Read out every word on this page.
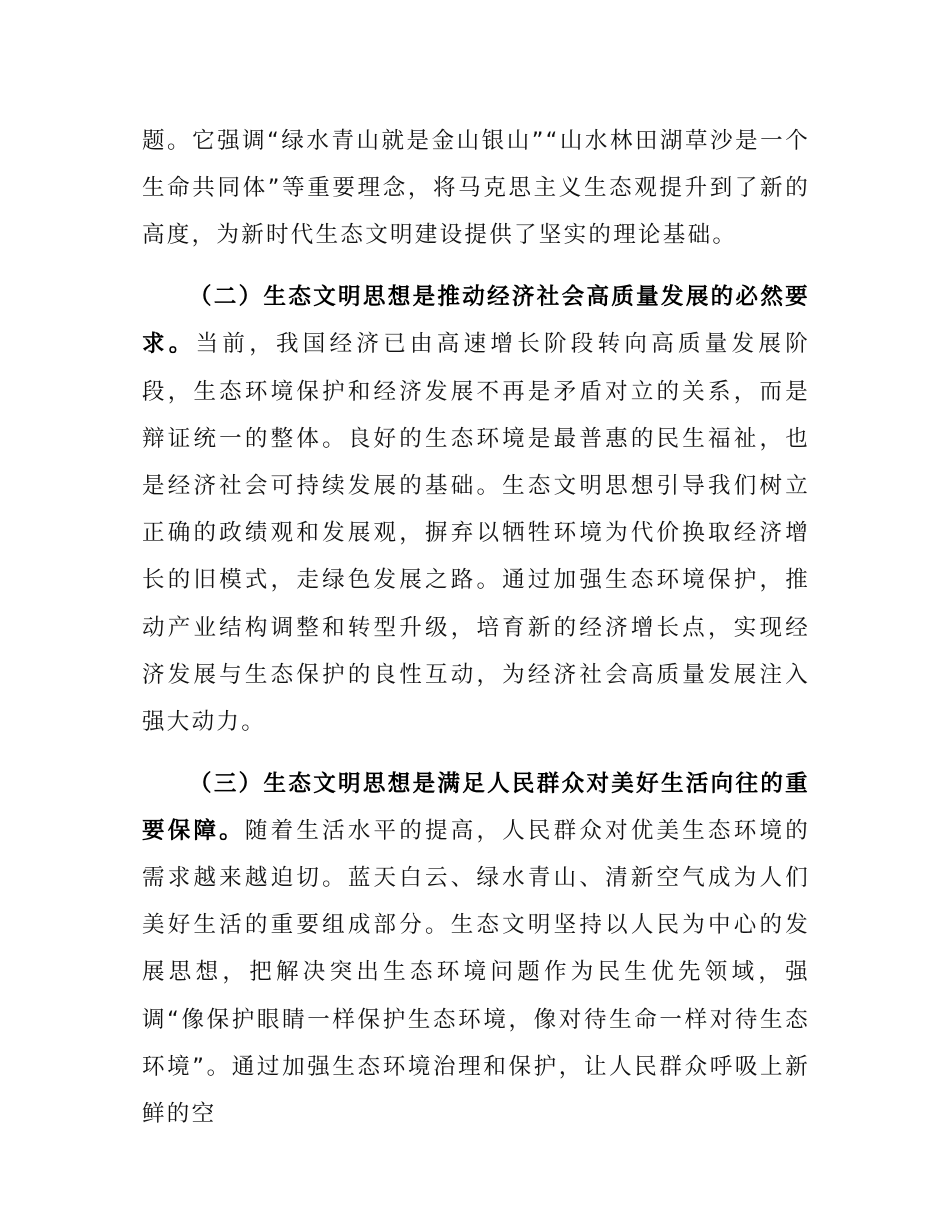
题。它强调“绿水青山就是金山银山”“山水林田湖草沙是一个生命共同体”等重要理念，将马克思主义生态观提升到了新的高度，为新时代生态文明建设提供了坚实的理论基础。

（二）生态文明思想是推动经济社会高质量发展的必然要求。当前，我国经济已由高速增长阶段转向高质量发展阶段，生态环境保护和经济发展不再是矛盾对立的关系，而是辩证统一的整体。良好的生态环境是最普惠的民生福祉，也是经济社会可持续发展的基础。生态文明思想引导我们树立正确的政绩观和发展观，摒弃以牺牲环境为代价换取经济增长的旧模式，走绿色发展之路。通过加强生态环境保护，推动产业结构调整和转型升级，培育新的经济增长点，实现经济发展与生态保护的良性互动，为经济社会高质量发展注入强大动力。

（三）生态文明思想是满足人民群众对美好生活向往的重要保障。随着生活水平的提高，人民群众对优美生态环境的需求越来越迫切。蓝天白云、绿水青山、清新空气成为人们美好生活的重要组成部分。生态文明坚持以人民为中心的发展思想，把解决突出生态环境问题作为民生优先领域，强调“像保护眼睛一样保护生态环境，像对待生命一样对待生态环境”。通过加强生态环境治理和保护，让人民群众呼吸上新鲜的空
